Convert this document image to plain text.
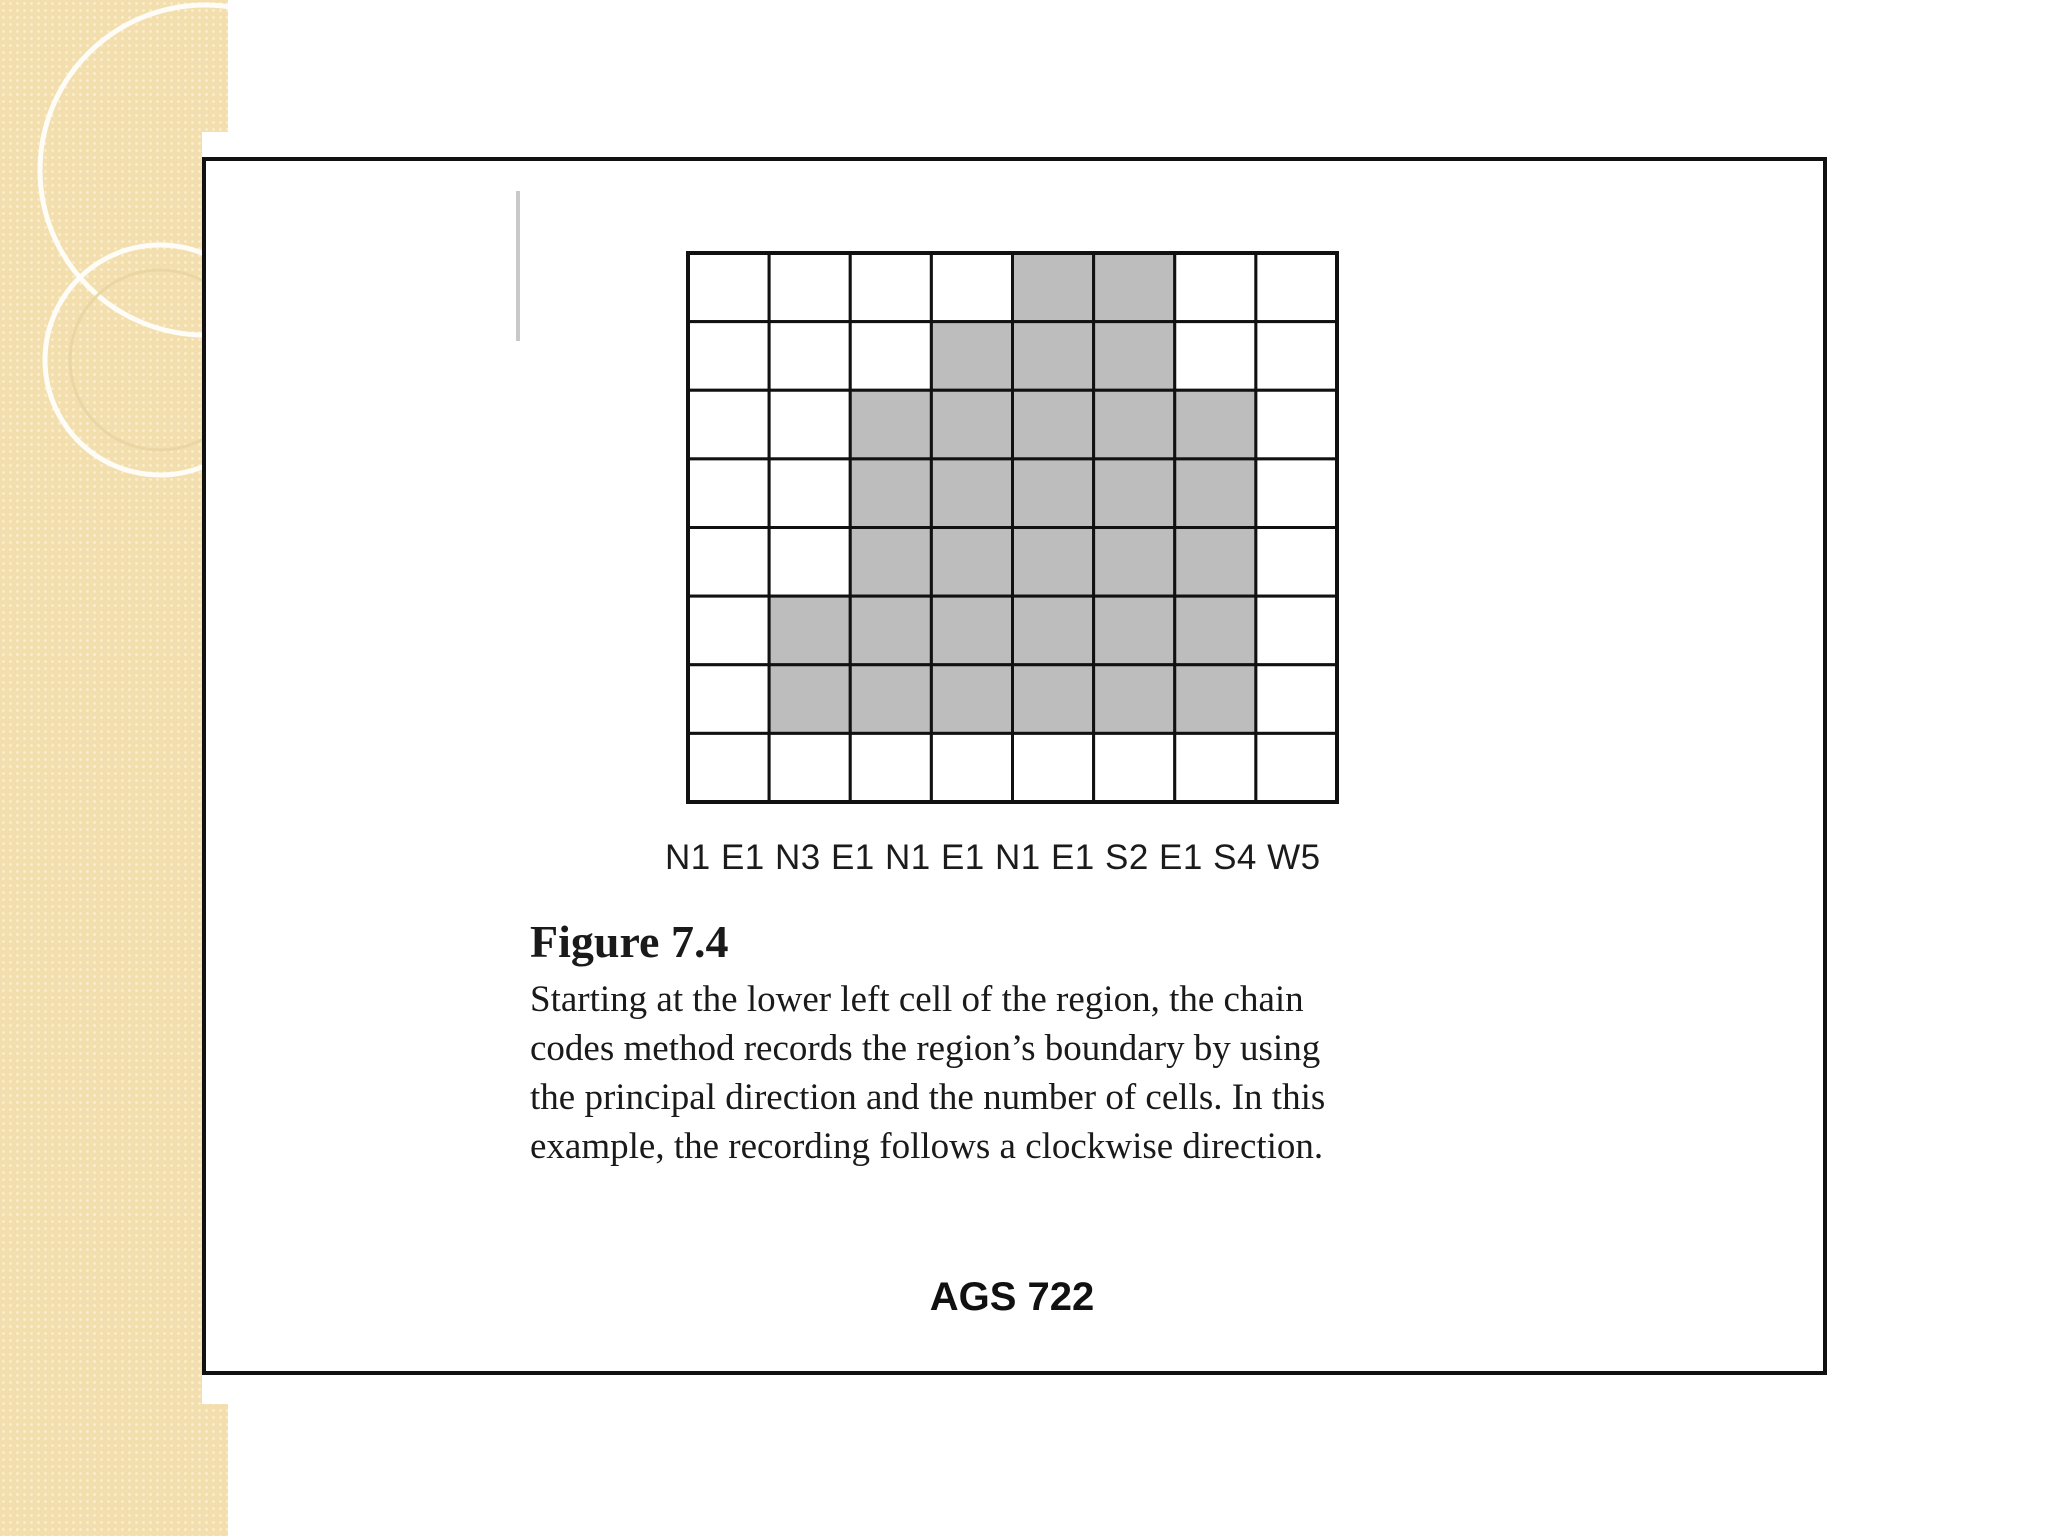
N1 E1 N3 E1 N1 E1 N1 E1 S2 E1 S4 W5
Figure 7.4
Starting at the lower left cell of the region, the chain
codes method records the region’s boundary by using
the principal direction and the number of cells. In this
example, the recording follows a clockwise direction.
AGS 722
